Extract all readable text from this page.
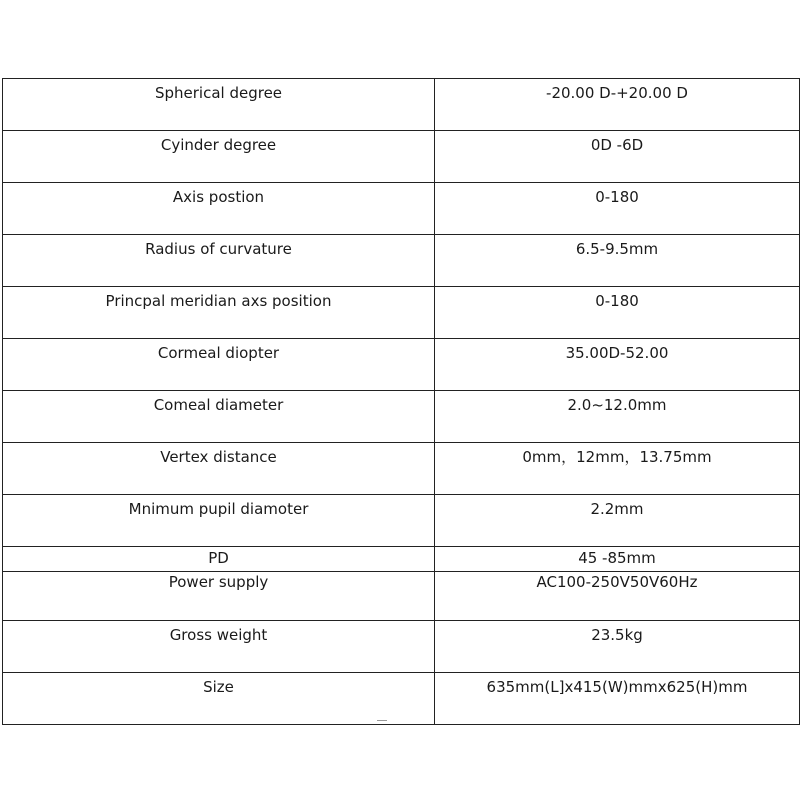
Spherical degree	-20.00 D-+20.00 D
Cyinder degree	0D -6D
Axis postion	0-180
Radius of curvature	6.5-9.5mm
Princpal meridian axs position	0-180
Cormeal diopter	35.00D-52.00
Comeal diameter	2.0~12.0mm
Vertex distance	0mm，12mm，13.75mm
Mnimum pupil diamoter	2.2mm
PD	45 -85mm
Power supply	AC100-250V50V60Hz
Gross weight	23.5kg
Size	635mm(L]x415(W)mmx625(H)mm
